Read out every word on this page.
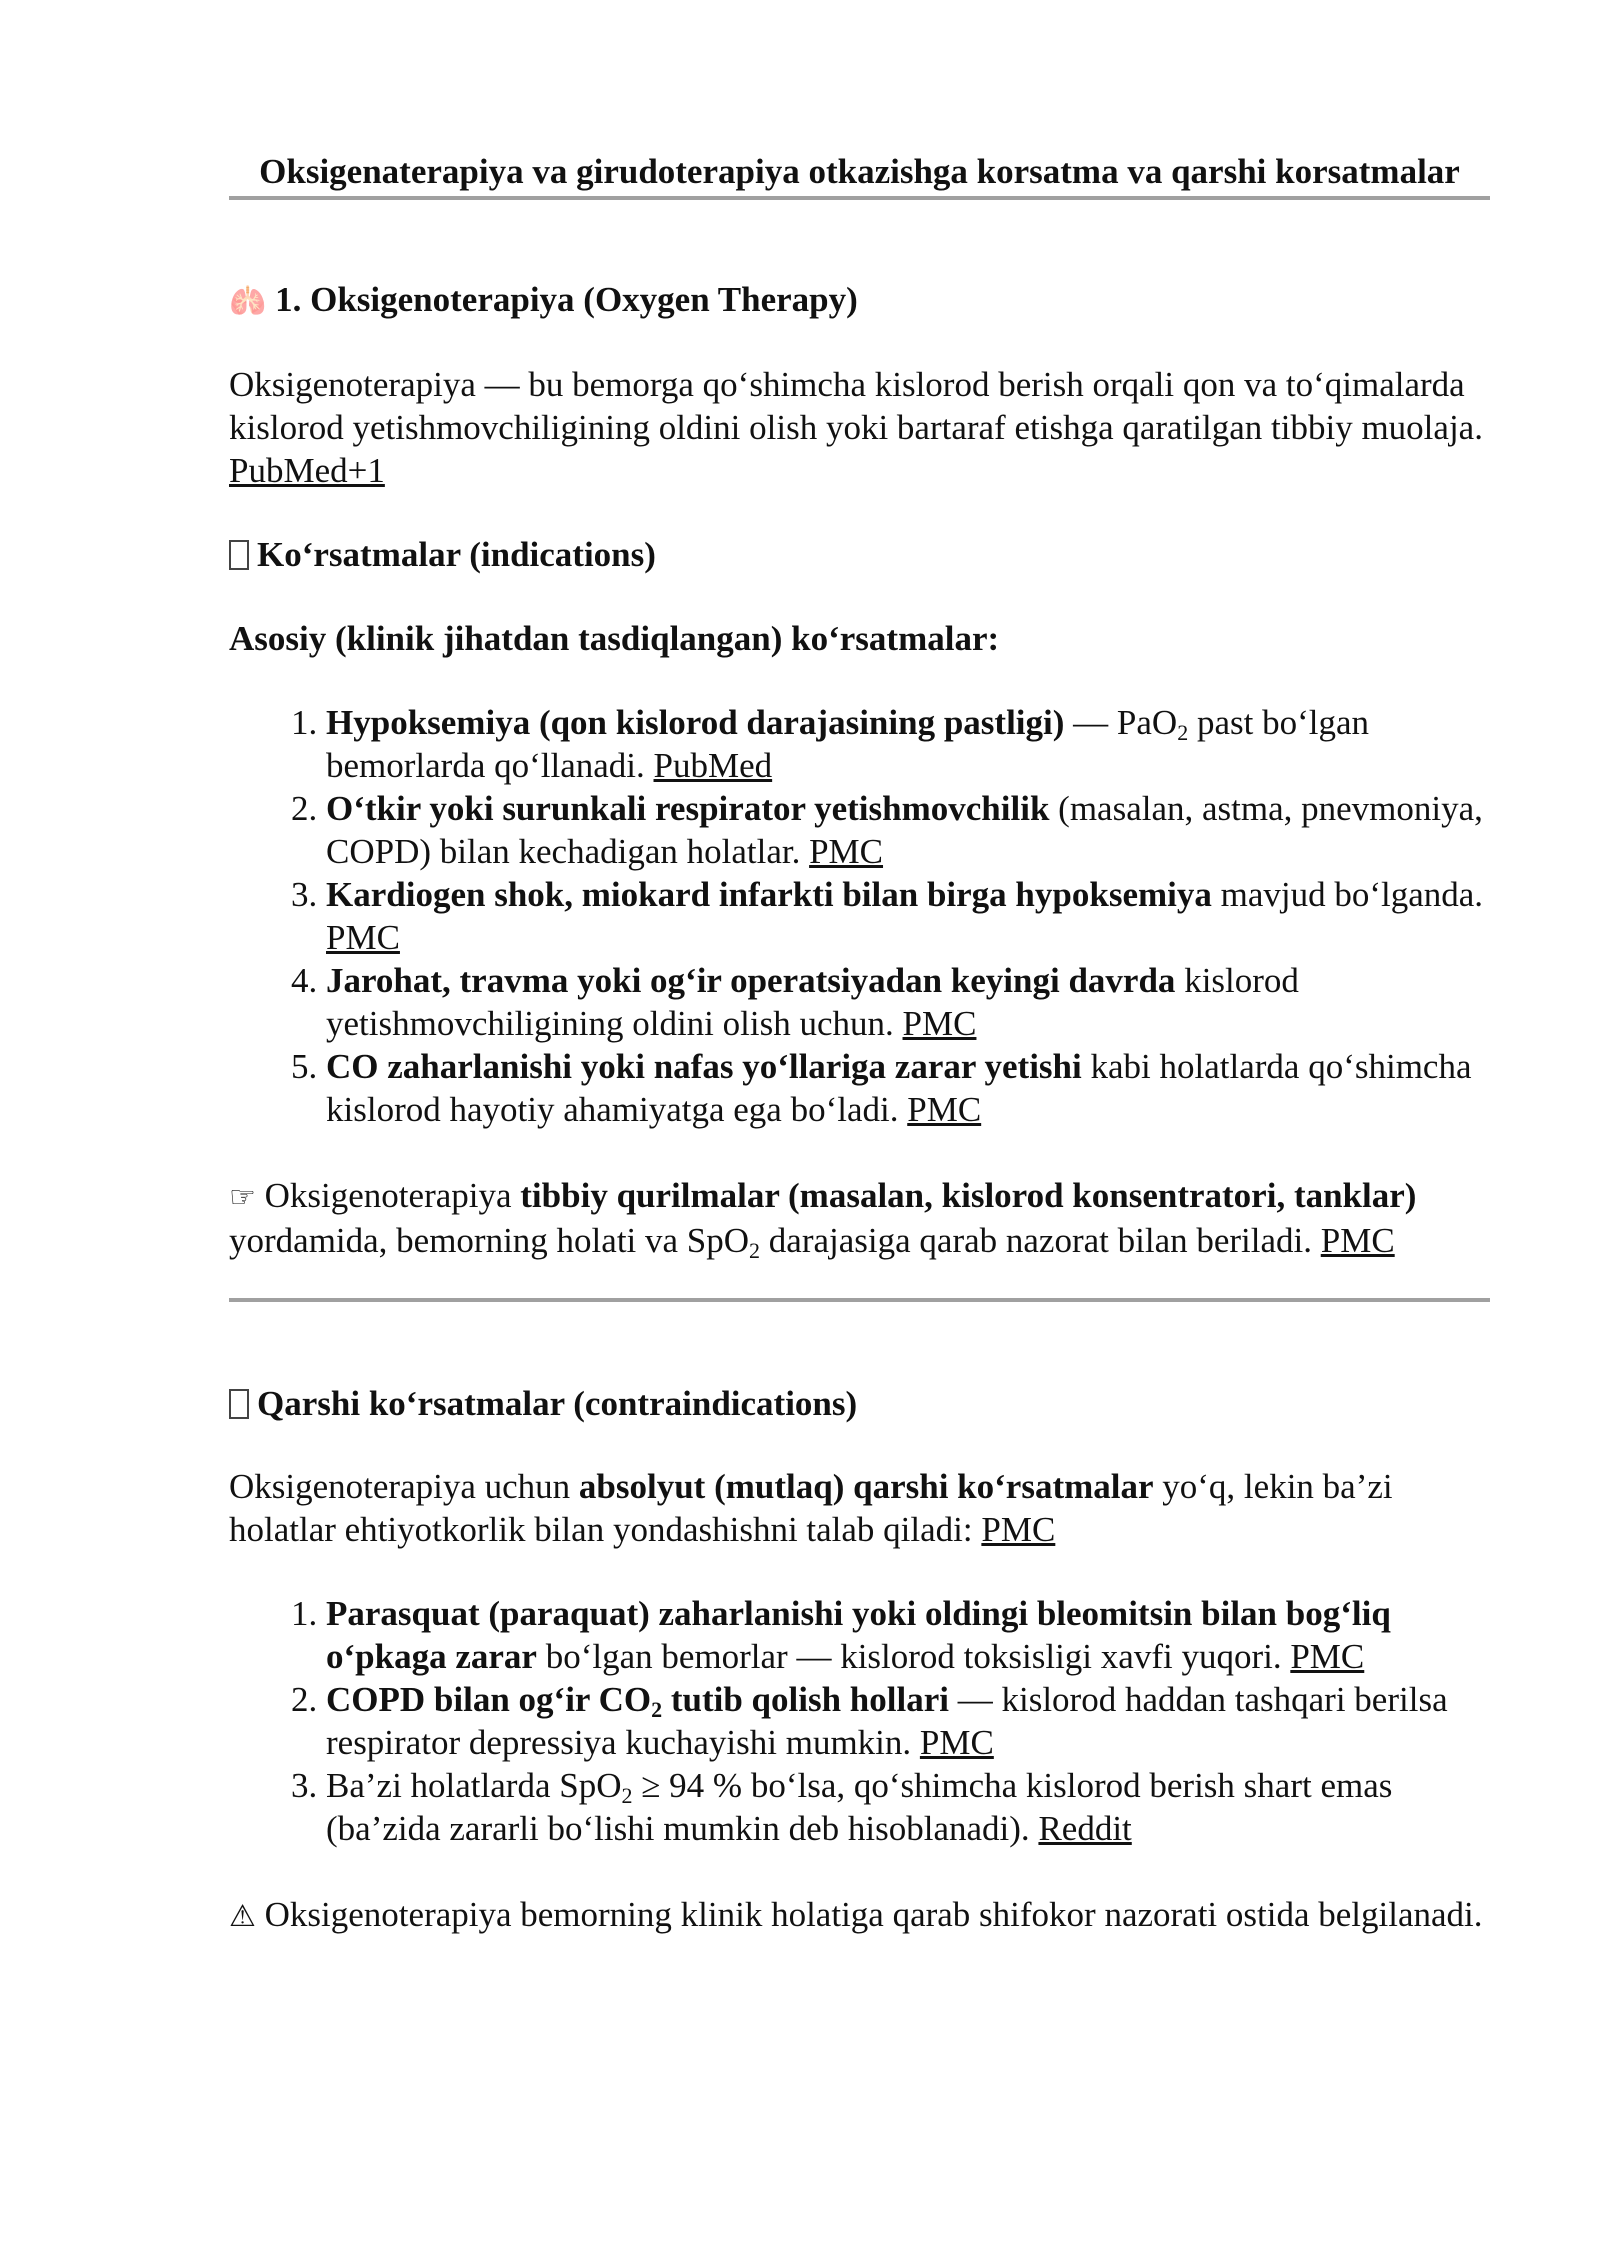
Oksigenaterapiya va girudoterapiya otkazishga korsatma va qarshi korsatmalar

🫁 1. Oksigenoterapiya (Oxygen Therapy)

Oksigenoterapiya — bu bemorga qo‘shimcha kislorod berish orqali qon va to‘qimalarda kislorod yetishmovchiligining oldini olish yoki bartaraf etishga qaratilgan tibbiy muolaja. PubMed+1

Ko‘rsatmalar (indications)

Asosiy (klinik jihatdan tasdiqlangan) ko‘rsatmalar:

1. Hypoksemiya (qon kislorod darajasining pastligi) — PaO$_2$ past bo‘lgan bemorlarda qo‘llanadi. PubMed
2. O‘tkir yoki surunkali respirator yetishmovchilik (masalan, astma, pnevmoniya, COPD) bilan kechadigan holatlar. PMC
3. Kardiogen shok, miokard infarkti bilan birga hypoksemiya mavjud bo‘lganda. PMC
4. Jarohat, travma yoki og‘ir operatsiyadan keyingi davrda kislorod yetishmovchiligining oldini olish uchun. PMC
5. CO zaharlanishi yoki nafas yo‘llariga zarar yetishi kabi holatlarda qo‘shimcha kislorod hayotiy ahamiyatga ega bo‘ladi. PMC

☞ Oksigenoterapiya tibbiy qurilmalar (masalan, kislorod konsentratori, tanklar) yordamida, bemorning holati va SpO$_2$ darajasiga qarab nazorat bilan beriladi. PMC

Qarshi ko‘rsatmalar (contraindications)

Oksigenoterapiya uchun absolyut (mutlaq) qarshi ko‘rsatmalar yo‘q, lekin ba’zi holatlar ehtiyotkorlik bilan yondashishni talab qiladi: PMC

1. Parasquat (paraquat) zaharlanishi yoki oldingi bleomitsin bilan bog‘liq o‘pkaga zarar bo‘lgan bemorlar — kislorod toksisligi xavfi yuqori. PMC
2. COPD bilan og‘ir $CO_2$ tutib qolish hollari — kislorod haddan tashqari berilsa respirator depressiya kuchayishi mumkin. PMC
3. Ba’zi holatlarda SpO$_2$ ≥ 94 % bo‘lsa, qo‘shimcha kislorod berish shart emas (ba’zida zararli bo‘lishi mumkin deb hisoblanadi). Reddit

⚠ Oksigenoterapiya bemorning klinik holatiga qarab shifokor nazorati ostida belgilanadi.
